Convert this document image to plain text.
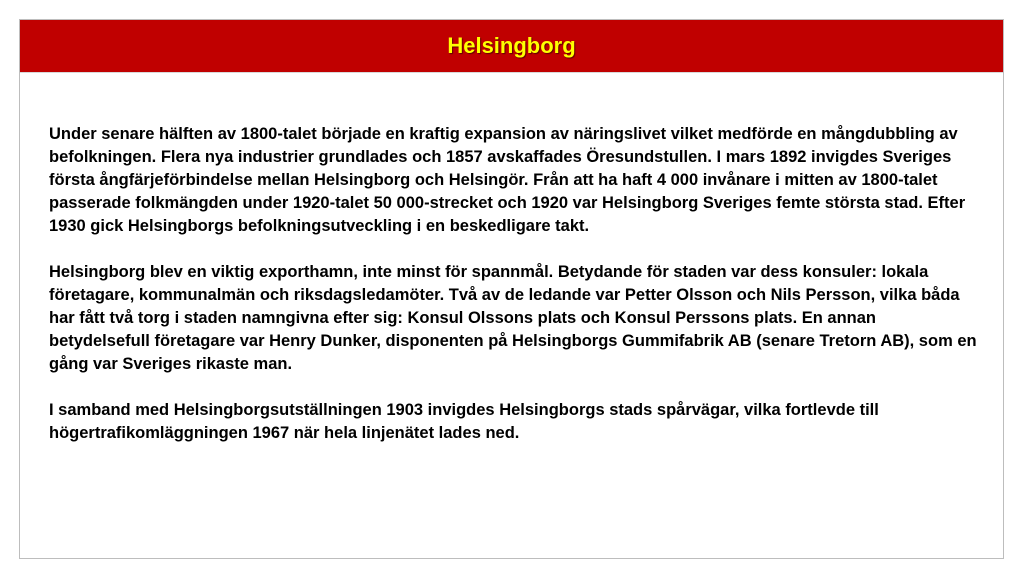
Helsingborg

Under senare hälften av 1800-talet började en kraftig expansion av näringslivet vilket medförde en mångdubbling av befolkningen. Flera nya industrier grundlades och 1857 avskaffades Öresundstullen. I mars 1892 invigdes Sveriges första ångfärjeförbindelse mellan Helsingborg och Helsingör. Från att ha haft 4 000 invånare i mitten av 1800-talet passerade folkmängden under 1920-talet 50 000-strecket och 1920 var Helsingborg Sveriges femte största stad. Efter 1930 gick Helsingborgs befolkningsutveckling i en beskedligare takt.

Helsingborg blev en viktig exporthamn, inte minst för spannmål. Betydande för staden var dess konsuler: lokala företagare, kommunalmän och riksdagsledamöter. Två av de ledande var Petter Olsson och Nils Persson, vilka båda har fått två torg i staden namngivna efter sig: Konsul Olssons plats och Konsul Perssons plats. En annan betydelsefull företagare var Henry Dunker, disponenten på Helsingborgs Gummifabrik AB (senare Tretorn AB), som en gång var Sveriges rikaste man.

I samband med Helsingborgsutställningen 1903 invigdes Helsingborgs stads spårvägar, vilka fortlevde till högertrafikomläggningen 1967 när hela linjenätet lades ned.
